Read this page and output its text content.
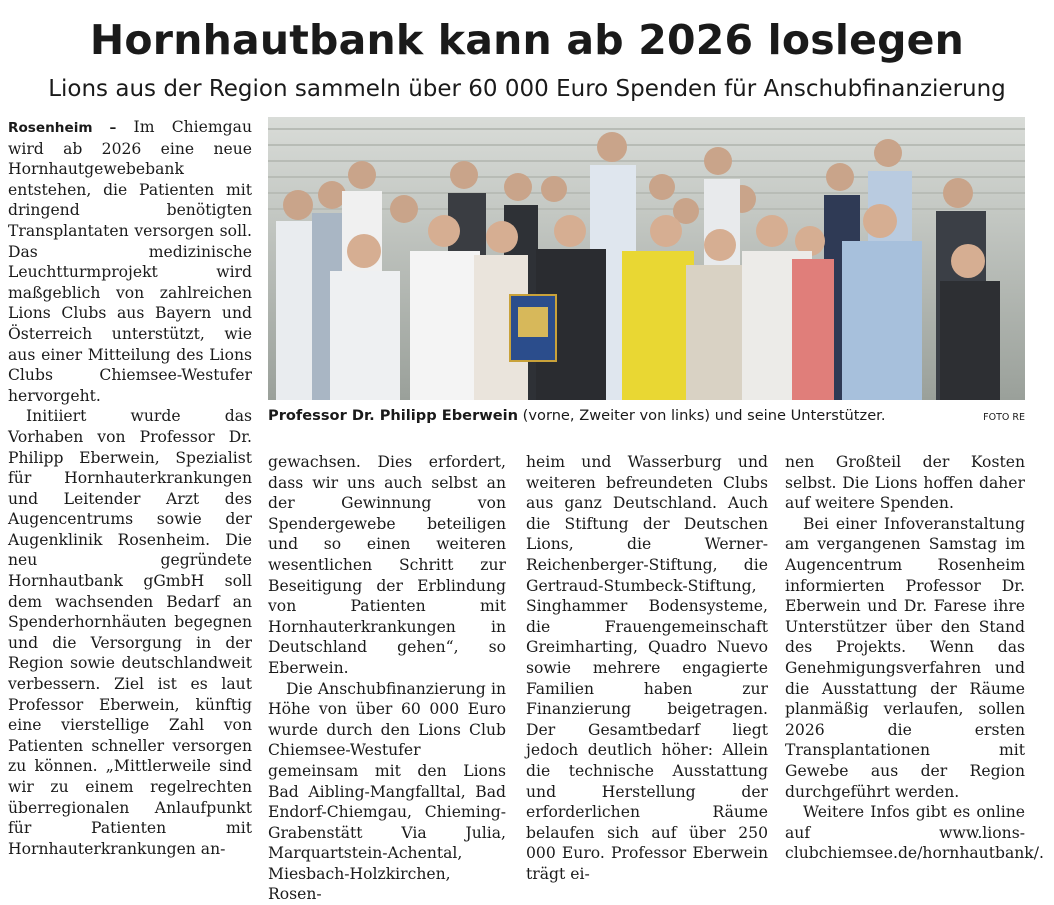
Hornhautbank kann ab 2026 loslegen
Lions aus der Region sammeln über 60 000 Euro Spenden für Anschubfinanzierung

Rosenheim – Im Chiemgau wird ab 2026 eine neue Hornhautgewebebank entstehen, die Patienten mit dringend benötigten Transplantaten versorgen soll. Das medizinische Leuchtturmprojekt wird maßgeblich von zahlreichen Lions Clubs aus Bayern und Österreich unterstützt, wie aus einer Mitteilung des Lions Clubs Chiemsee-Westufer hervorgeht.

Initiiert wurde das Vorhaben von Professor Dr. Philipp Eberwein, Spezialist für Hornhauterkrankungen und Leitender Arzt des Augencentrums sowie der Augenklinik Rosenheim. Die neu gegründete Hornhautbank gGmbH soll dem wachsenden Bedarf an Spenderhornhäuten begegnen und die Versorgung in der Region sowie deutschlandweit verbessern. Ziel ist es laut Professor Eberwein, künftig eine vierstellige Zahl von Patienten schneller versorgen zu können. „Mittlerweile sind wir zu einem regelrechten überregionalen Anlaufpunkt für Patienten mit Hornhauterkrankungen an-

Professor Dr. Philipp Eberwein (vorne, Zweiter von links) und seine Unterstützer.	FOTO RE

gewachsen. Dies erfordert, dass wir uns auch selbst an der Gewinnung von Spendergewebe beteiligen und so einen weiteren wesentlichen Schritt zur Beseitigung der Erblindung von Patienten mit Hornhauterkrankungen in Deutschland gehen“, so Eberwein.

Die Anschubfinanzierung in Höhe von über 60 000 Euro wurde durch den Lions Club Chiemsee-Westufer gemeinsam mit den Lions Bad Aibling-Mangfalltal, Bad Endorf-Chiemgau, Chieming-Grabenstätt Via Julia, Marquartstein-Achental, Miesbach-Holzkirchen, Rosen-

heim und Wasserburg und weiteren befreundeten Clubs aus ganz Deutschland. Auch die Stiftung der Deutschen Lions, die Werner-Reichenberger-Stiftung, die Gertraud-Stumbeck-Stiftung, Singhammer Bodensysteme, die Frauengemeinschaft Greimharting, Quadro Nuevo sowie mehrere engagierte Familien haben zur Finanzierung beigetragen. Der Gesamtbedarf liegt jedoch deutlich höher: Allein die technische Ausstattung und Herstellung der erforderlichen Räume belaufen sich auf über 250 000 Euro. Professor Eberwein trägt ei-

nen Großteil der Kosten selbst. Die Lions hoffen daher auf weitere Spenden.

Bei einer Infoveranstaltung am vergangenen Samstag im Augencentrum Rosenheim informierten Professor Dr. Eberwein und Dr. Farese ihre Unterstützer über den Stand des Projekts. Wenn das Genehmigungsverfahren und die Ausstattung der Räume planmäßig verlaufen, sollen 2026 die ersten Transplantationen mit Gewebe aus der Region durchgeführt werden.

Weitere Infos gibt es online auf www.lions-clubchiemsee.de/hornhautbank/.
